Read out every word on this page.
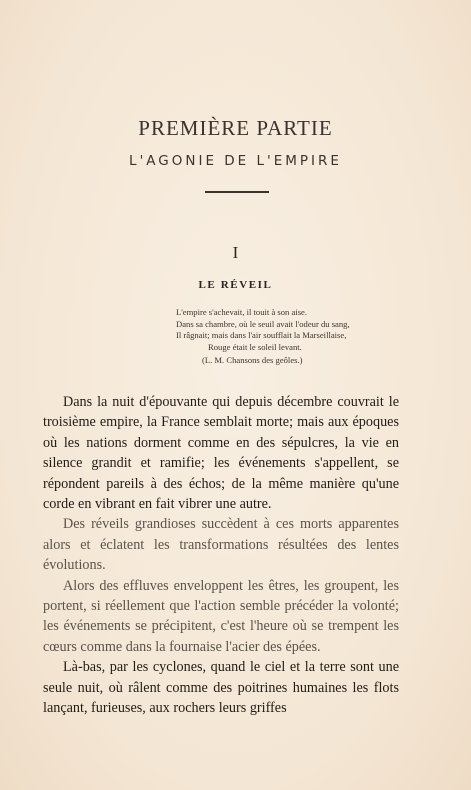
PREMIÈRE PARTIE
L'AGONIE DE L'EMPIRE
I
LE RÉVEIL
L'empire s'achevait, il touit à son aise.
Dans sa chambre, où le seuil avait l'odeur du sang,
Il râgnait; mais dans l'air soufflait la Marseillaise,
Rouge était le soleil levant.
(L. M. Chansons des geôles.)

Dans la nuit d'épouvante qui depuis décembre couvrait le troisième empire, la France semblait morte; mais aux époques où les nations dorment comme en des sépulcres, la vie en silence grandit et ramifie; les événements s'appellent, se répondent pareils à des échos; de la même manière qu'une corde en vibrant en fait vibrer une autre.

Des réveils grandioses succèdent à ces morts apparentes alors et éclatent les transformations résultées des lentes évolutions.

Alors des effluves enveloppent les êtres, les groupent, les portent, si réellement que l'action semble précéder la volonté; les événements se précipitent, c'est l'heure où se trempent les cœurs comme dans la fournaise l'acier des épées.

Là-bas, par les cyclones, quand le ciel et la terre sont une seule nuit, où râlent comme des poitrines humaines les flots lançant, furieuses, aux rochers leurs griffes
